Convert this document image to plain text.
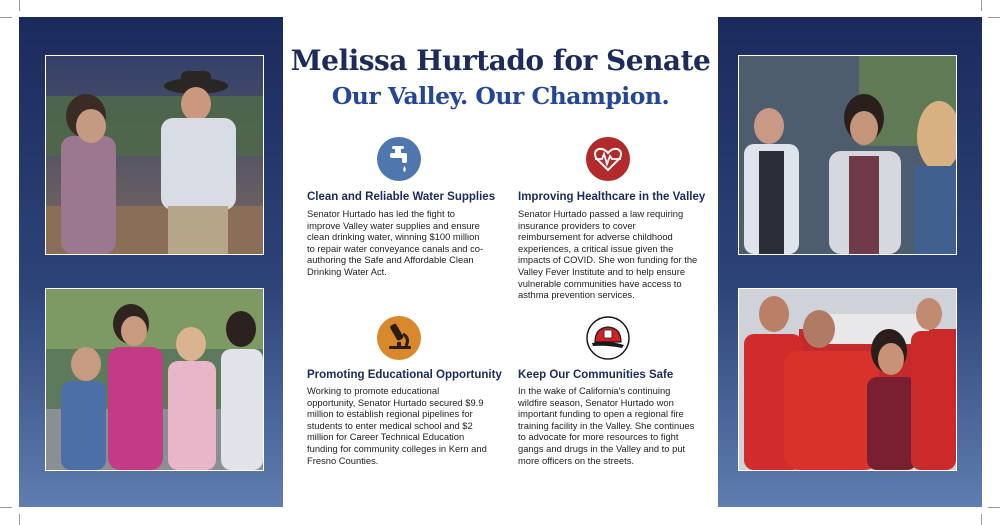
Melissa Hurtado for Senate
Our Valley. Our Champion.
Clean and Reliable Water Supplies
Senator Hurtado has led the fight to improve Valley water supplies and ensure clean drinking water, winning $100 million to repair water conveyance canals and co-authoring the Safe and Affordable Clean Drinking Water Act.
Improving Healthcare in the Valley
Senator Hurtado passed a law requiring insurance providers to cover reimbursement for adverse childhood experiences, a critical issue given the impacts of COVID. She won funding for the Valley Fever Institute and to help ensure vulnerable communities have access to asthma prevention services.
Promoting Educational Opportunity
Working to promote educational opportunity, Senator Hurtado secured $9.9 million to establish regional pipelines for students to enter medical school and $2 million for Career Technical Education funding for community colleges in Kern and Fresno Counties.
Keep Our Communities Safe
In the wake of California's continuing wildfire season, Senator Hurtado won important funding to open a regional fire training facility in the Valley. She continues to advocate for more resources to fight gangs and drugs in the Valley and to put more officers on the streets.
